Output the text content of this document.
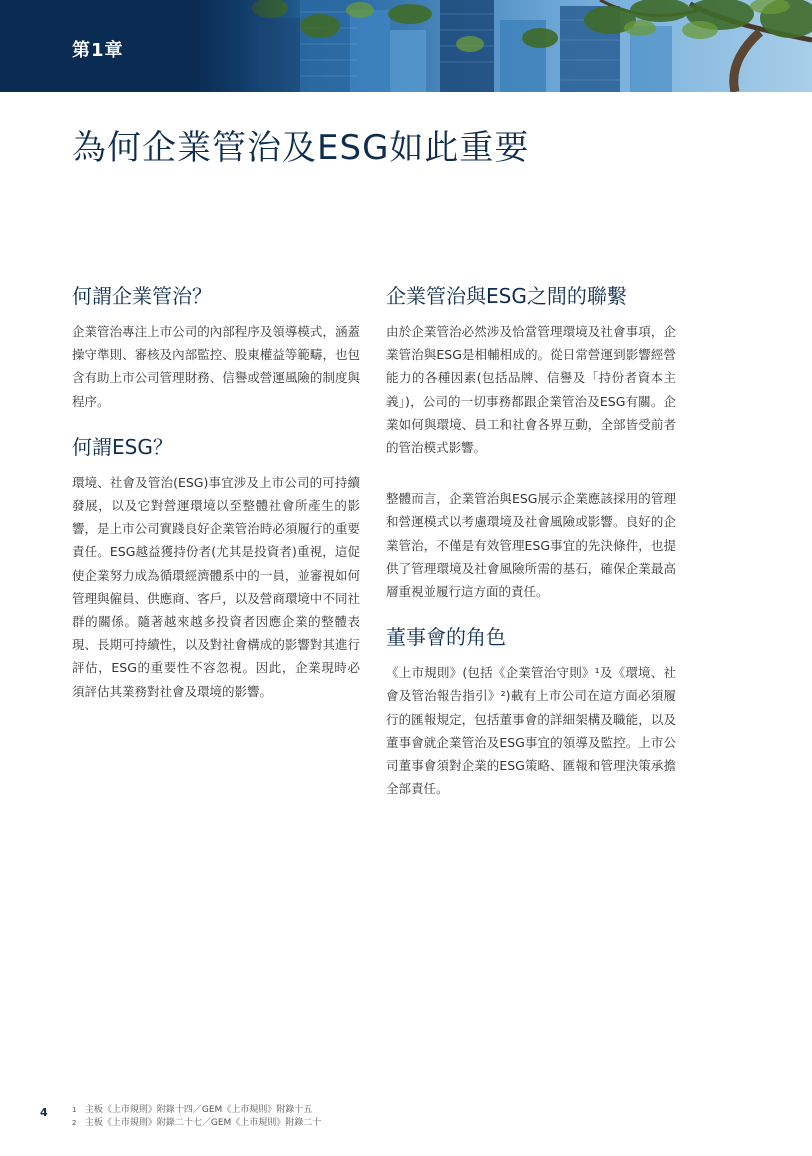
第1章
為何企業管治及ESG如此重要
何謂企業管治？

企業管治專注上市公司的內部程序及領導模式，涵蓋操守準則、審核及內部監控、股東權益等範疇，也包含有助上市公司管理財務、信譽或營運風險的制度與程序。

何謂ESG？

環境、社會及管治(ESG)事宜涉及上市公司的可持續發展，以及它對營運環境以至整體社會所產生的影響，是上市公司實踐良好企業管治時必須履行的重要責任。ESG越益獲持份者(尤其是投資者)重視，這促使企業努力成為循環經濟體系中的一員，並審視如何管理與僱員、供應商、客戶，以及營商環境中不同社群的關係。隨著越來越多投資者因應企業的整體表現、長期可持續性，以及對社會構成的影響對其進行評估，ESG的重要性不容忽視。因此，企業現時必須評估其業務對社會及環境的影響。

企業管治與ESG之間的聯繫

由於企業管治必然涉及恰當管理環境及社會事項，企業管治與ESG是相輔相成的。從日常營運到影響經營能力的各種因素(包括品牌、信譽及「持份者資本主義」)，公司的一切事務都跟企業管治及ESG有關。企業如何與環境、員工和社會各界互動，全部皆受前者的管治模式影響。

整體而言，企業管治與ESG展示企業應該採用的管理和營運模式以考慮環境及社會風險或影響。良好的企業管治，不僅是有效管理ESG事宜的先決條件，也提供了管理環境及社會風險所需的基石，確保企業最高層重視並履行這方面的責任。

董事會的角色

《上市規則》(包括《企業管治守則》¹及《環境、社會及管治報告指引》²)載有上市公司在這方面必須履行的匯報規定，包括董事會的詳細架構及職能，以及董事會就企業管治及ESG事宜的領導及監控。上市公司董事會須對企業的ESG策略、匯報和管理決策承擔全部責任。

4	1 主板《上市規則》附錄十四／GEM《上市規則》附錄十五
2 主板《上市規則》附錄二十七／GEM《上市規則》附錄二十
